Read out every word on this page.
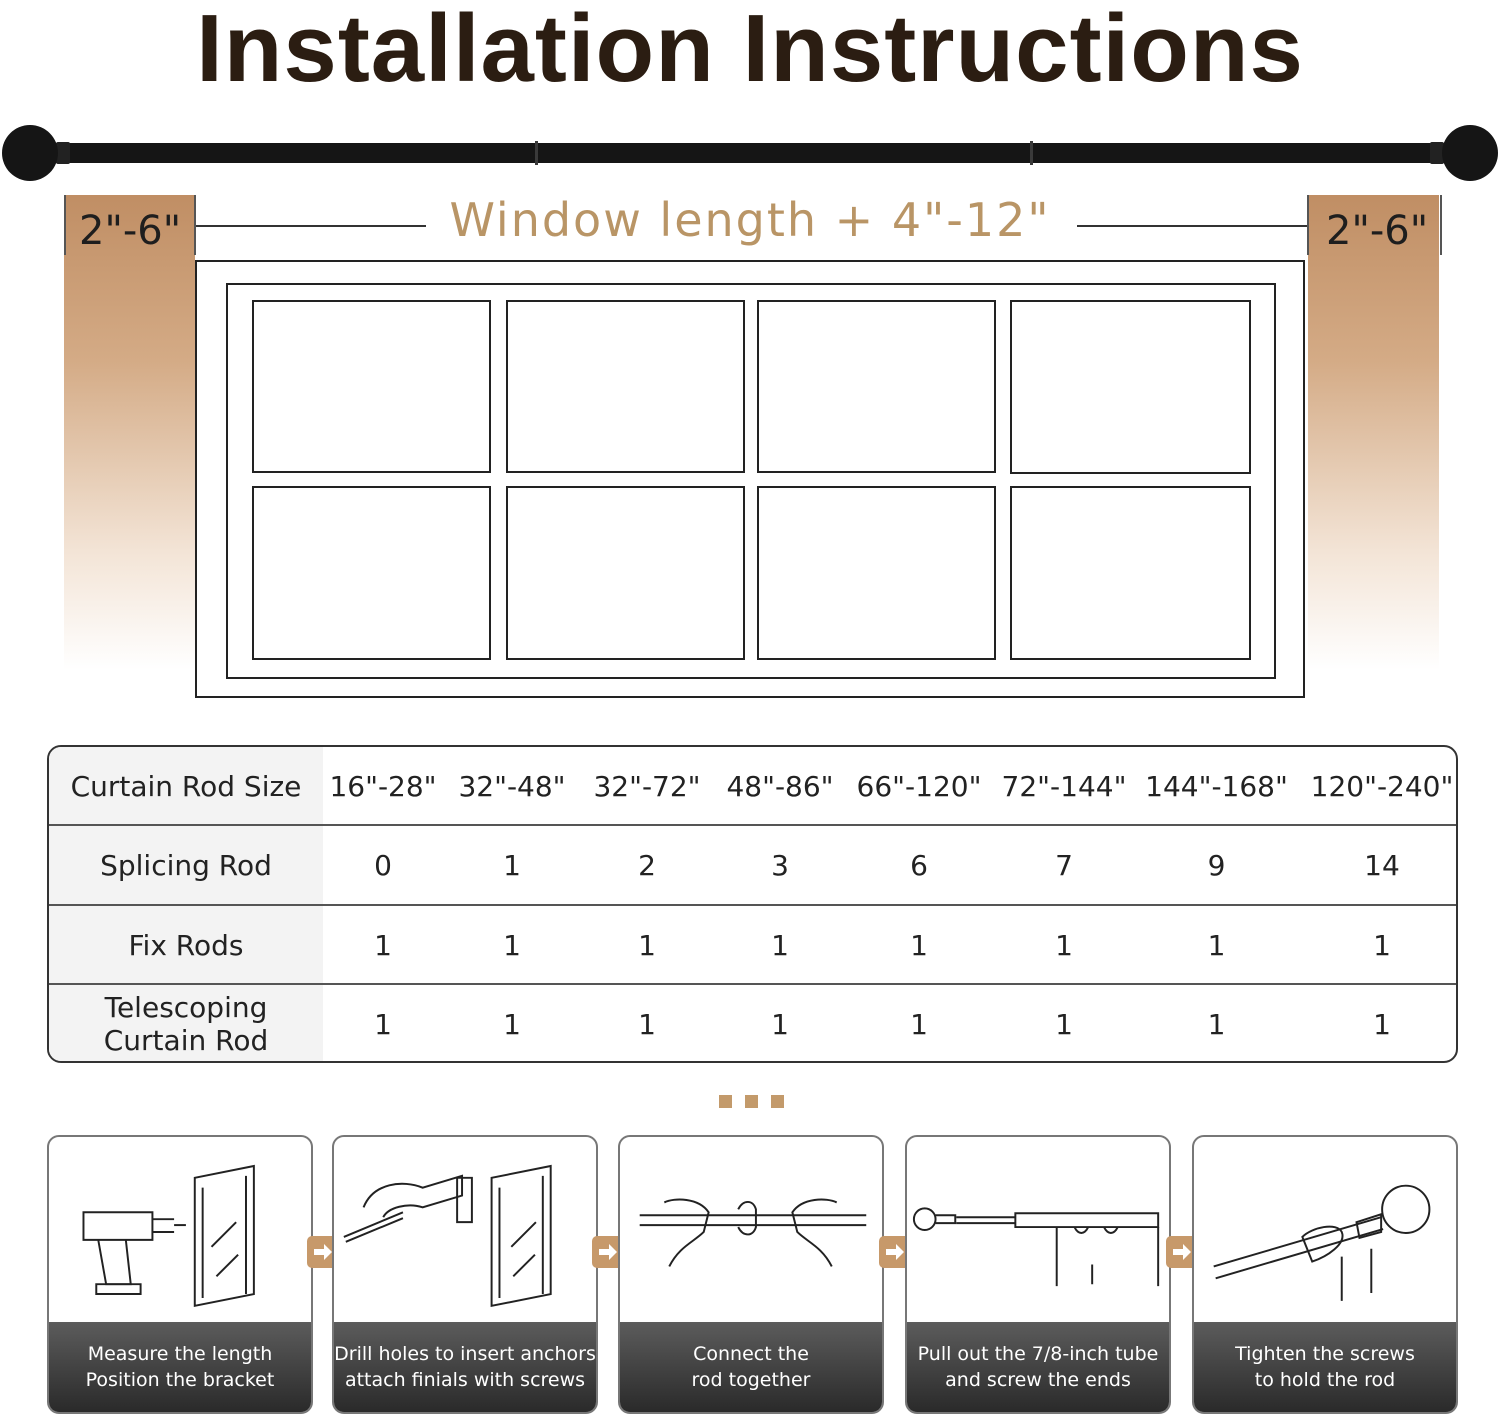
Installation Instructions
2"-6"	2"-6"
Window length + 4"-12"
Curtain Rod Size	16"-28" 32"-48" 32"-72" 48"-86" 66"-120" 72"-144" 144"-168" 120"-240"
Splicing Rod	0	1	2	3	6	7	9	14
Fix Rods	1	1	1	1	1	1	1	1
Telescoping
Curtain Rod	1	1	1	1	1	1	1	1
Measure the length
Position the bracket
Drill holes to insert anchors
attach finials with screws
Connect the
rod together
Pull out the 7/8-inch tube
and screw the ends
Tighten the screws
to hold the rod
